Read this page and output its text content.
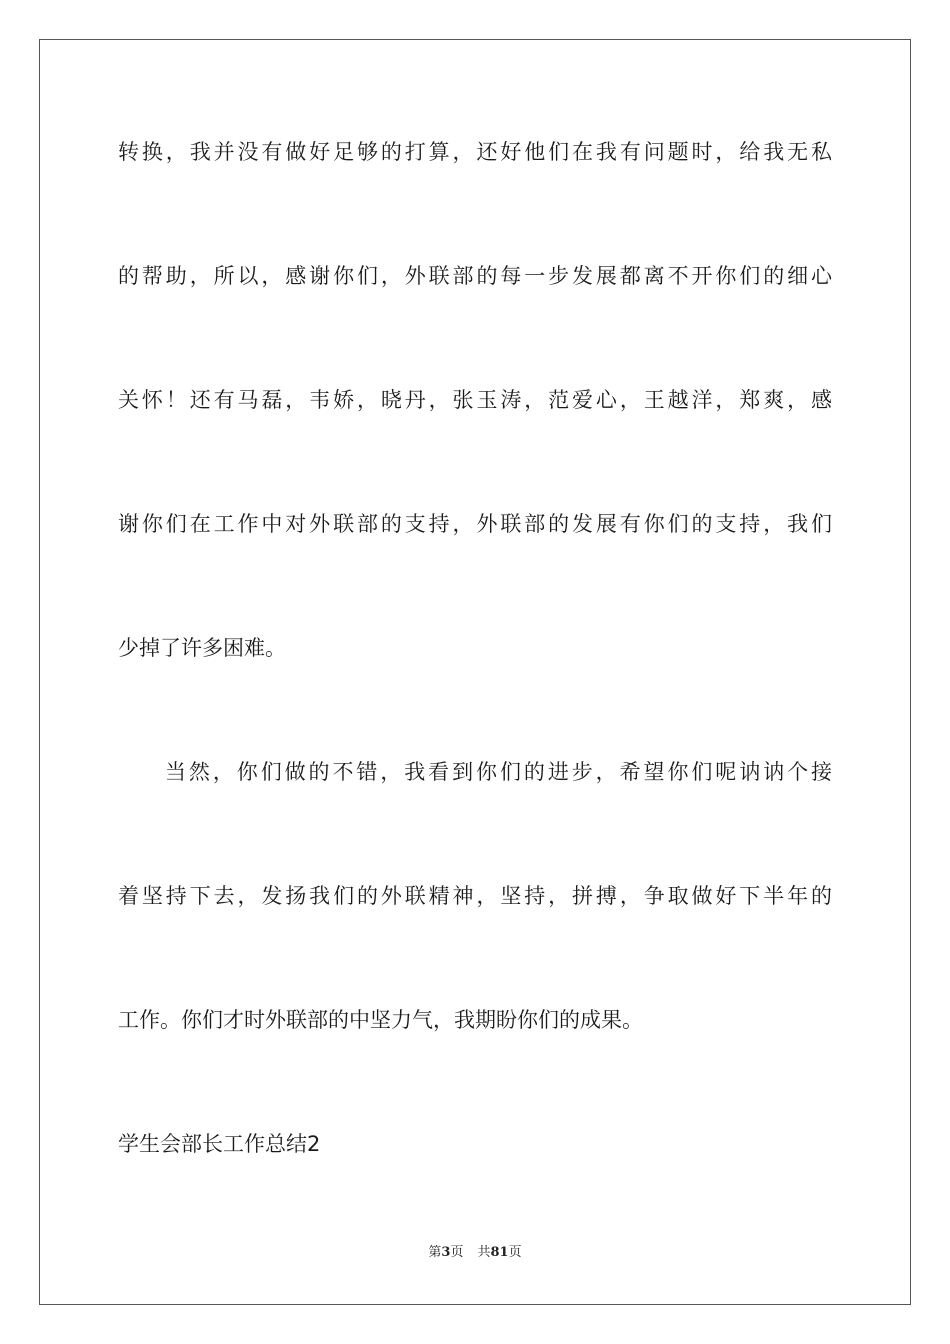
转换，我并没有做好足够的打算，还好他们在我有问题时，给我无私
的帮助，所以，感谢你们，外联部的每一步发展都离不开你们的细心
关怀！还有马磊，韦娇，晓丹，张玉涛，范爱心，王越洋，郑爽，感
谢你们在工作中对外联部的支持，外联部的发展有你们的支持，我们
少掉了许多困难。
当然，你们做的不错，我看到你们的进步，希望你们呢讷讷个接
着坚持下去，发扬我们的外联精神，坚持，拼搏，争取做好下半年的
工作。你们才时外联部的中坚力气，我期盼你们的成果。
学生会部长工作总结2
第3页 共81页
